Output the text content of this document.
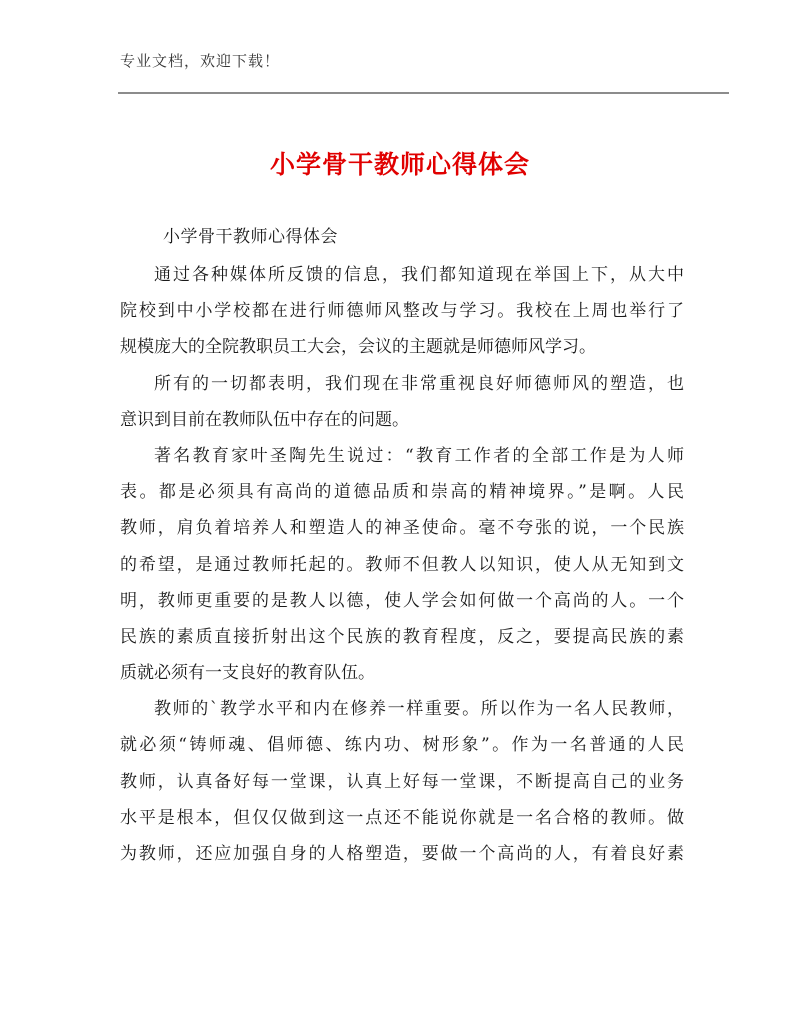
专业文档，欢迎下载！
小学骨干教师心得体会
小学骨干教师心得体会
通过各种媒体所反馈的信息，我们都知道现在举国上下，从大中
院校到中小学校都在进行师德师风整改与学习。我校在上周也举行了
规模庞大的全院教职员工大会，会议的主题就是师德师风学习。
所有的一切都表明，我们现在非常重视良好师德师风的塑造，也
意识到目前在教师队伍中存在的问题。
著名教育家叶圣陶先生说过：“教育工作者的全部工作是为人师
表。都是必须具有高尚的道德品质和崇高的精神境界。”是啊。人民
教师，肩负着培养人和塑造人的神圣使命。毫不夸张的说，一个民族
的希望，是通过教师托起的。教师不但教人以知识，使人从无知到文
明，教师更重要的是教人以德，使人学会如何做一个高尚的人。一个
民族的素质直接折射出这个民族的教育程度，反之，要提高民族的素
质就必须有一支良好的教育队伍。
教师的`教学水平和内在修养一样重要。所以作为一名人民教师，
就必须“铸师魂、倡师德、练内功、树形象”。作为一名普通的人民
教师，认真备好每一堂课，认真上好每一堂课，不断提高自己的业务
水平是根本，但仅仅做到这一点还不能说你就是一名合格的教师。做
为教师，还应加强自身的人格塑造，要做一个高尚的人，有着良好素
